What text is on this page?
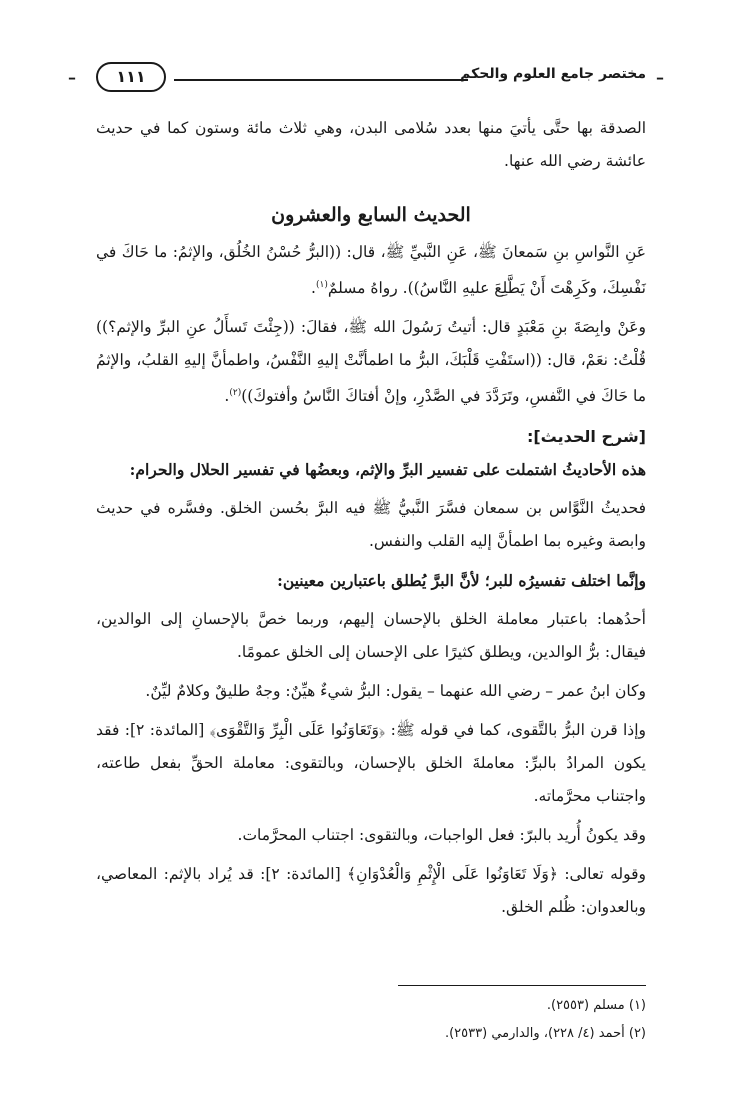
–
مختصر جامع العلوم والحكم
١١١
–

الصدقة بها حتَّى يأتيَ منها بعدد سُلامى البدن، وهي ثلاث مائة وستون كما في حديث عائشة رضي الله عنها.

الحديث السابع والعشرون

عَنِ النَّواسِ بنِ سَمعانَ ﷺ، عَنِ النَّبيِّ ﷺ، قال: ((البرُّ حُسْنُ الخُلُق، والإثمُ: ما حَاكَ في نَفْسِكَ، وكَرِهْتَ أَنْ يَطَّلِعَ عليهِ النَّاسُ)). رواهُ مسلمٌ$^{(١)}$.

وعَنْ وابِصَةَ بنِ مَعْبَدٍ قال: أتيتُ رَسُولَ الله ﷺ، فقالَ: ((جِئْتَ تَسأَلُ عنِ البرِّ والإثم؟)) قُلْتُ: نعَمْ، قال: ((استَفْتِ قَلْبَكَ، البرُّ ما اطمأنَّتْ إليهِ النَّفْسُ، واطمأنَّ إليهِ القلبُ، والإثمُ ما حَاكَ في النَّفسِ، وتَرَدَّدَ في الصَّدْرِ، وإنْ أفتاكَ النَّاسُ وأفتوكَ))$^{(٢)}$.

[شرح الحديث]:

هذه الأحاديثُ اشتملت على تفسير البرِّ والإثم، وبعضُها في تفسير الحلال والحرام:

فحديثُ النَّوَّاس بن سمعان فسَّرَ النَّبيُّ ﷺ فيه البرَّ بحُسن الخلق. وفسَّره في حديث وابصة وغيره بما اطمأنَّ إليه القلب والنفس.

وإنَّما اختلف تفسيرُه للبر؛ لأنَّ البرَّ يُطلق باعتبارين معينين:

أحدُهما: باعتبار معاملة الخلق بالإحسان إليهم، وربما خصَّ بالإحسانِ إلى الوالدين، فيقال: برُّ الوالدين، ويطلق كثيرًا على الإحسان إلى الخلق عمومًا.

وكان ابنُ عمر – رضي الله عنهما – يقول: البرُّ شيءٌ هيِّنٌ: وجهٌ طليقٌ وكلامٌ ليِّنٌ.

وإذا قرن البرُّ بالتَّقوى، كما في قوله ﷺ: ﴿وَتَعَاوَنُوا عَلَى الْبِرِّ وَالتَّقْوَى﴾ [المائدة: ٢]: فقد يكون المرادُ بالبرِّ: معاملةَ الخلق بالإحسان، وبالتقوى: معاملة الحقِّ بفعل طاعته، واجتناب محرَّماته.

وقد يكونُ أُريد بالبرّ: فعل الواجبات، وبالتقوى: اجتناب المحرَّمات.

وقوله تعالى: ﴿وَلَا تَعَاوَنُوا عَلَى الْإِثْمِ وَالْعُدْوَانِ﴾ [المائدة: ٢]: قد يُراد بالإثم: المعاصي، وبالعدوان: ظُلم الخلق.

(١) مسلم (٢٥٥٣).

(٢) أحمد (٤/ ٢٢٨)، والدارمي (٢٥٣٣).
